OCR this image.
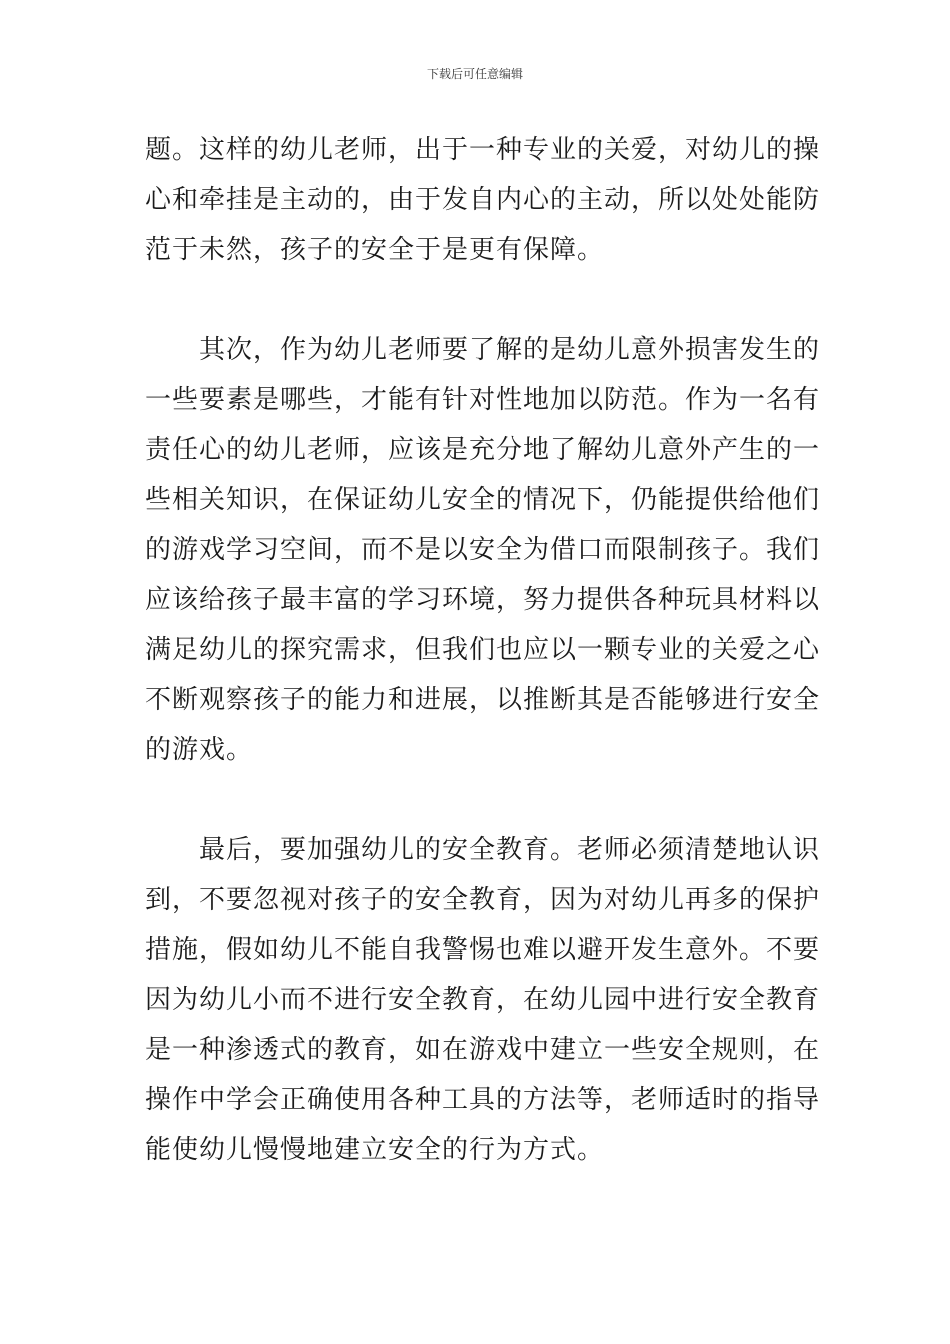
下载后可任意编辑
题。这样的幼儿老师，出于一种专业的关爱，对幼儿的操
心和牵挂是主动的，由于发自内心的主动，所以处处能防
范于未然，孩子的安全于是更有保障。
其次，作为幼儿老师要了解的是幼儿意外损害发生的
一些要素是哪些，才能有针对性地加以防范。作为一名有
责任心的幼儿老师，应该是充分地了解幼儿意外产生的一
些相关知识，在保证幼儿安全的情况下，仍能提供给他们
的游戏学习空间，而不是以安全为借口而限制孩子。我们
应该给孩子最丰富的学习环境，努力提供各种玩具材料以
满足幼儿的探究需求，但我们也应以一颗专业的关爱之心
不断观察孩子的能力和进展，以推断其是否能够进行安全
的游戏。
最后，要加强幼儿的安全教育。老师必须清楚地认识
到，不要忽视对孩子的安全教育，因为对幼儿再多的保护
措施，假如幼儿不能自我警惕也难以避开发生意外。不要
因为幼儿小而不进行安全教育，在幼儿园中进行安全教育
是一种渗透式的教育，如在游戏中建立一些安全规则，在
操作中学会正确使用各种工具的方法等，老师适时的指导
能使幼儿慢慢地建立安全的行为方式。
